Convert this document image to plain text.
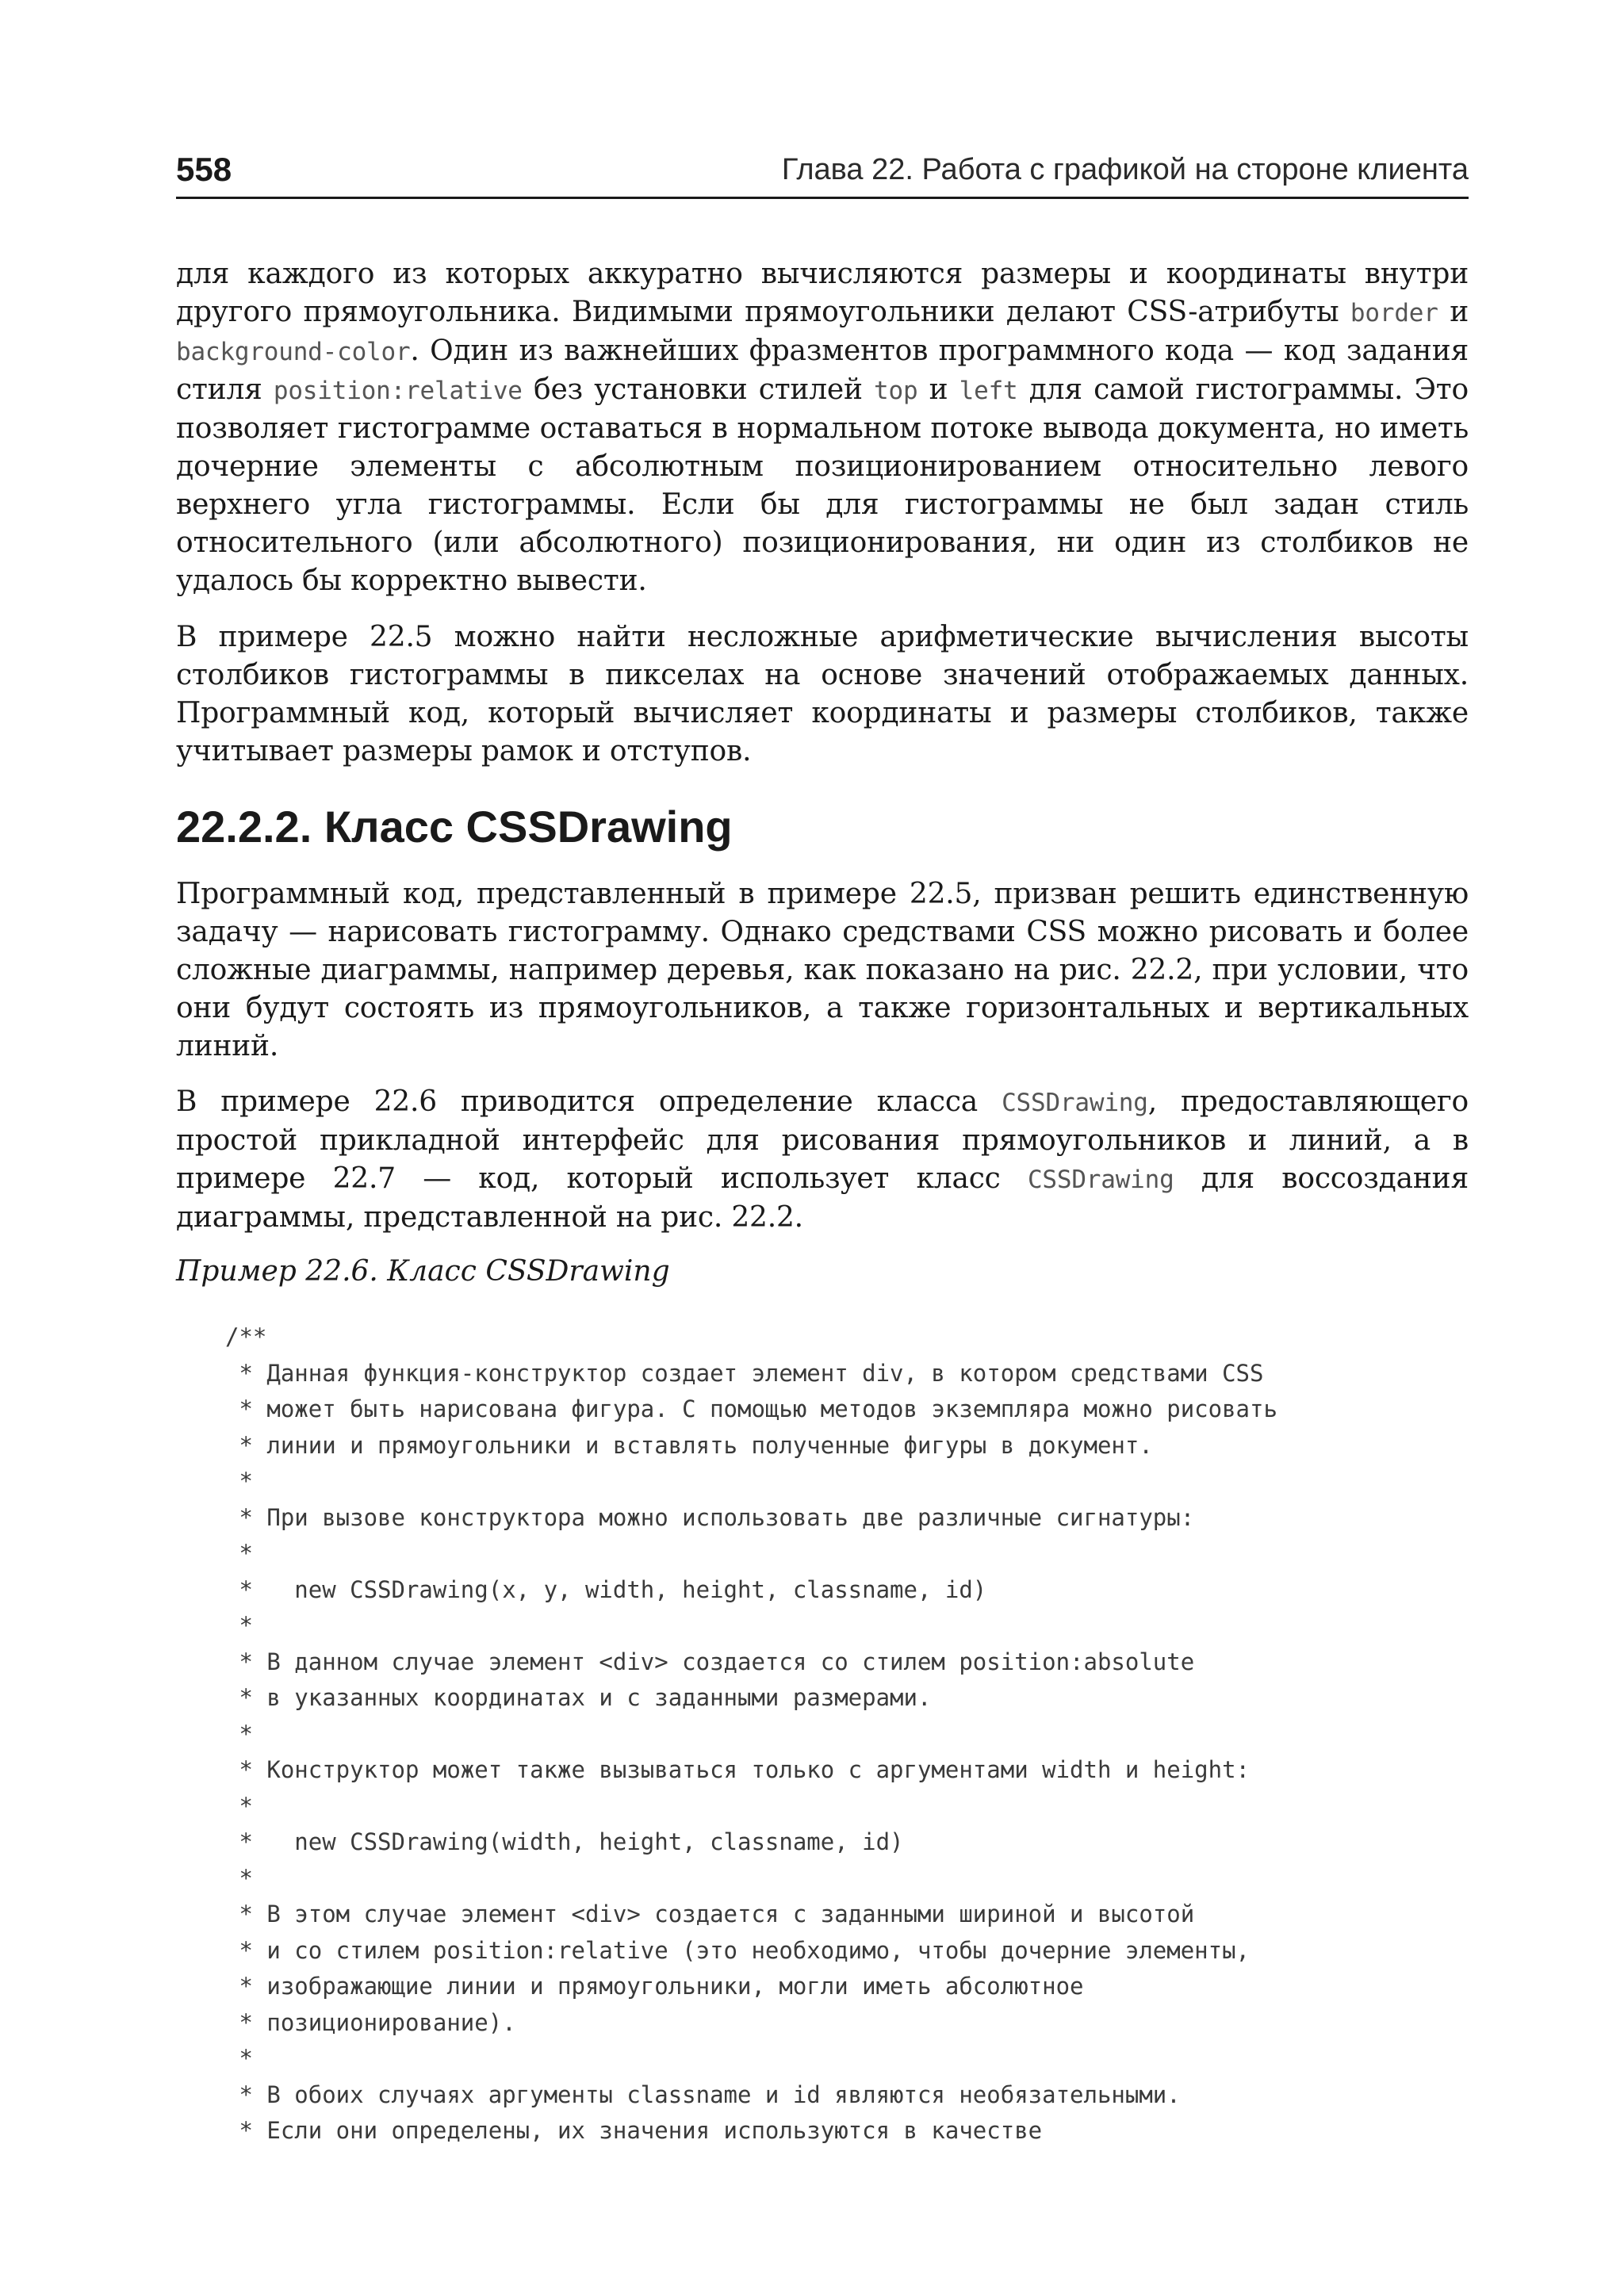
558	Глава 22. Работа с графикой на стороне клиента

для каждого из которых аккуратно вычисляются размеры и координаты внутри другого прямоугольника. Видимыми прямоугольники делают CSS-атрибуты border и background-color. Один из важнейших фразментов программного кода — код задания стиля position:relative без установки стилей top и left для самой гистограммы. Это позволяет гистограмме оставаться в нормальном потоке вывода документа, но иметь дочерние элементы с абсолютным позиционированием относительно левого верхнего угла гистограммы. Если бы для гистограммы не был задан стиль относительного (или абсолютного) позиционирования, ни один из столбиков не удалось бы корректно вывести.

В примере 22.5 можно найти несложные арифметические вычисления высоты столбиков гистограммы в пикселах на основе значений отображаемых данных. Программный код, который вычисляет координаты и размеры столбиков, также учитывает размеры рамок и отступов.

22.2.2. Класс CSSDrawing

Программный код, представленный в примере 22.5, призван решить единственную задачу — нарисовать гистограмму. Однако средствами CSS можно рисовать и более сложные диаграммы, например деревья, как показано на рис. 22.2, при условии, что они будут состоять из прямоугольников, а также горизонтальных и вертикальных линий.

В примере 22.6 приводится определение класса CSSDrawing, предоставляющего простой прикладной интерфейс для рисования прямоугольников и линий, а в примере 22.7 — код, который использует класс CSSDrawing для воссоздания диаграммы, представленной на рис. 22.2.

Пример 22.6. Класс CSSDrawing

/**
* Данная функция-конструктор создает элемент div, в котором средствами CSS
* может быть нарисована фигура. С помощью методов экземпляра можно рисовать
* линии и прямоугольники и вставлять полученные фигуры в документ.
*
* При вызове конструктора можно использовать две различные сигнатуры:
*
*   new CSSDrawing(x, y, width, height, classname, id)
*
* В данном случае элемент <div> создается со стилем position:absolute
* в указанных координатах и с заданными размерами.
*
* Конструктор может также вызываться только с аргументами width и height:
*
*   new CSSDrawing(width, height, classname, id)
*
* В этом случае элемент <div> создается с заданными шириной и высотой
* и со стилем position:relative (это необходимо, чтобы дочерние элементы,
* изображающие линии и прямоугольники, могли иметь абсолютное
* позиционирование).
*
* В обоих случаях аргументы classname и id являются необязательными.
* Если они определены, их значения используются в качестве
